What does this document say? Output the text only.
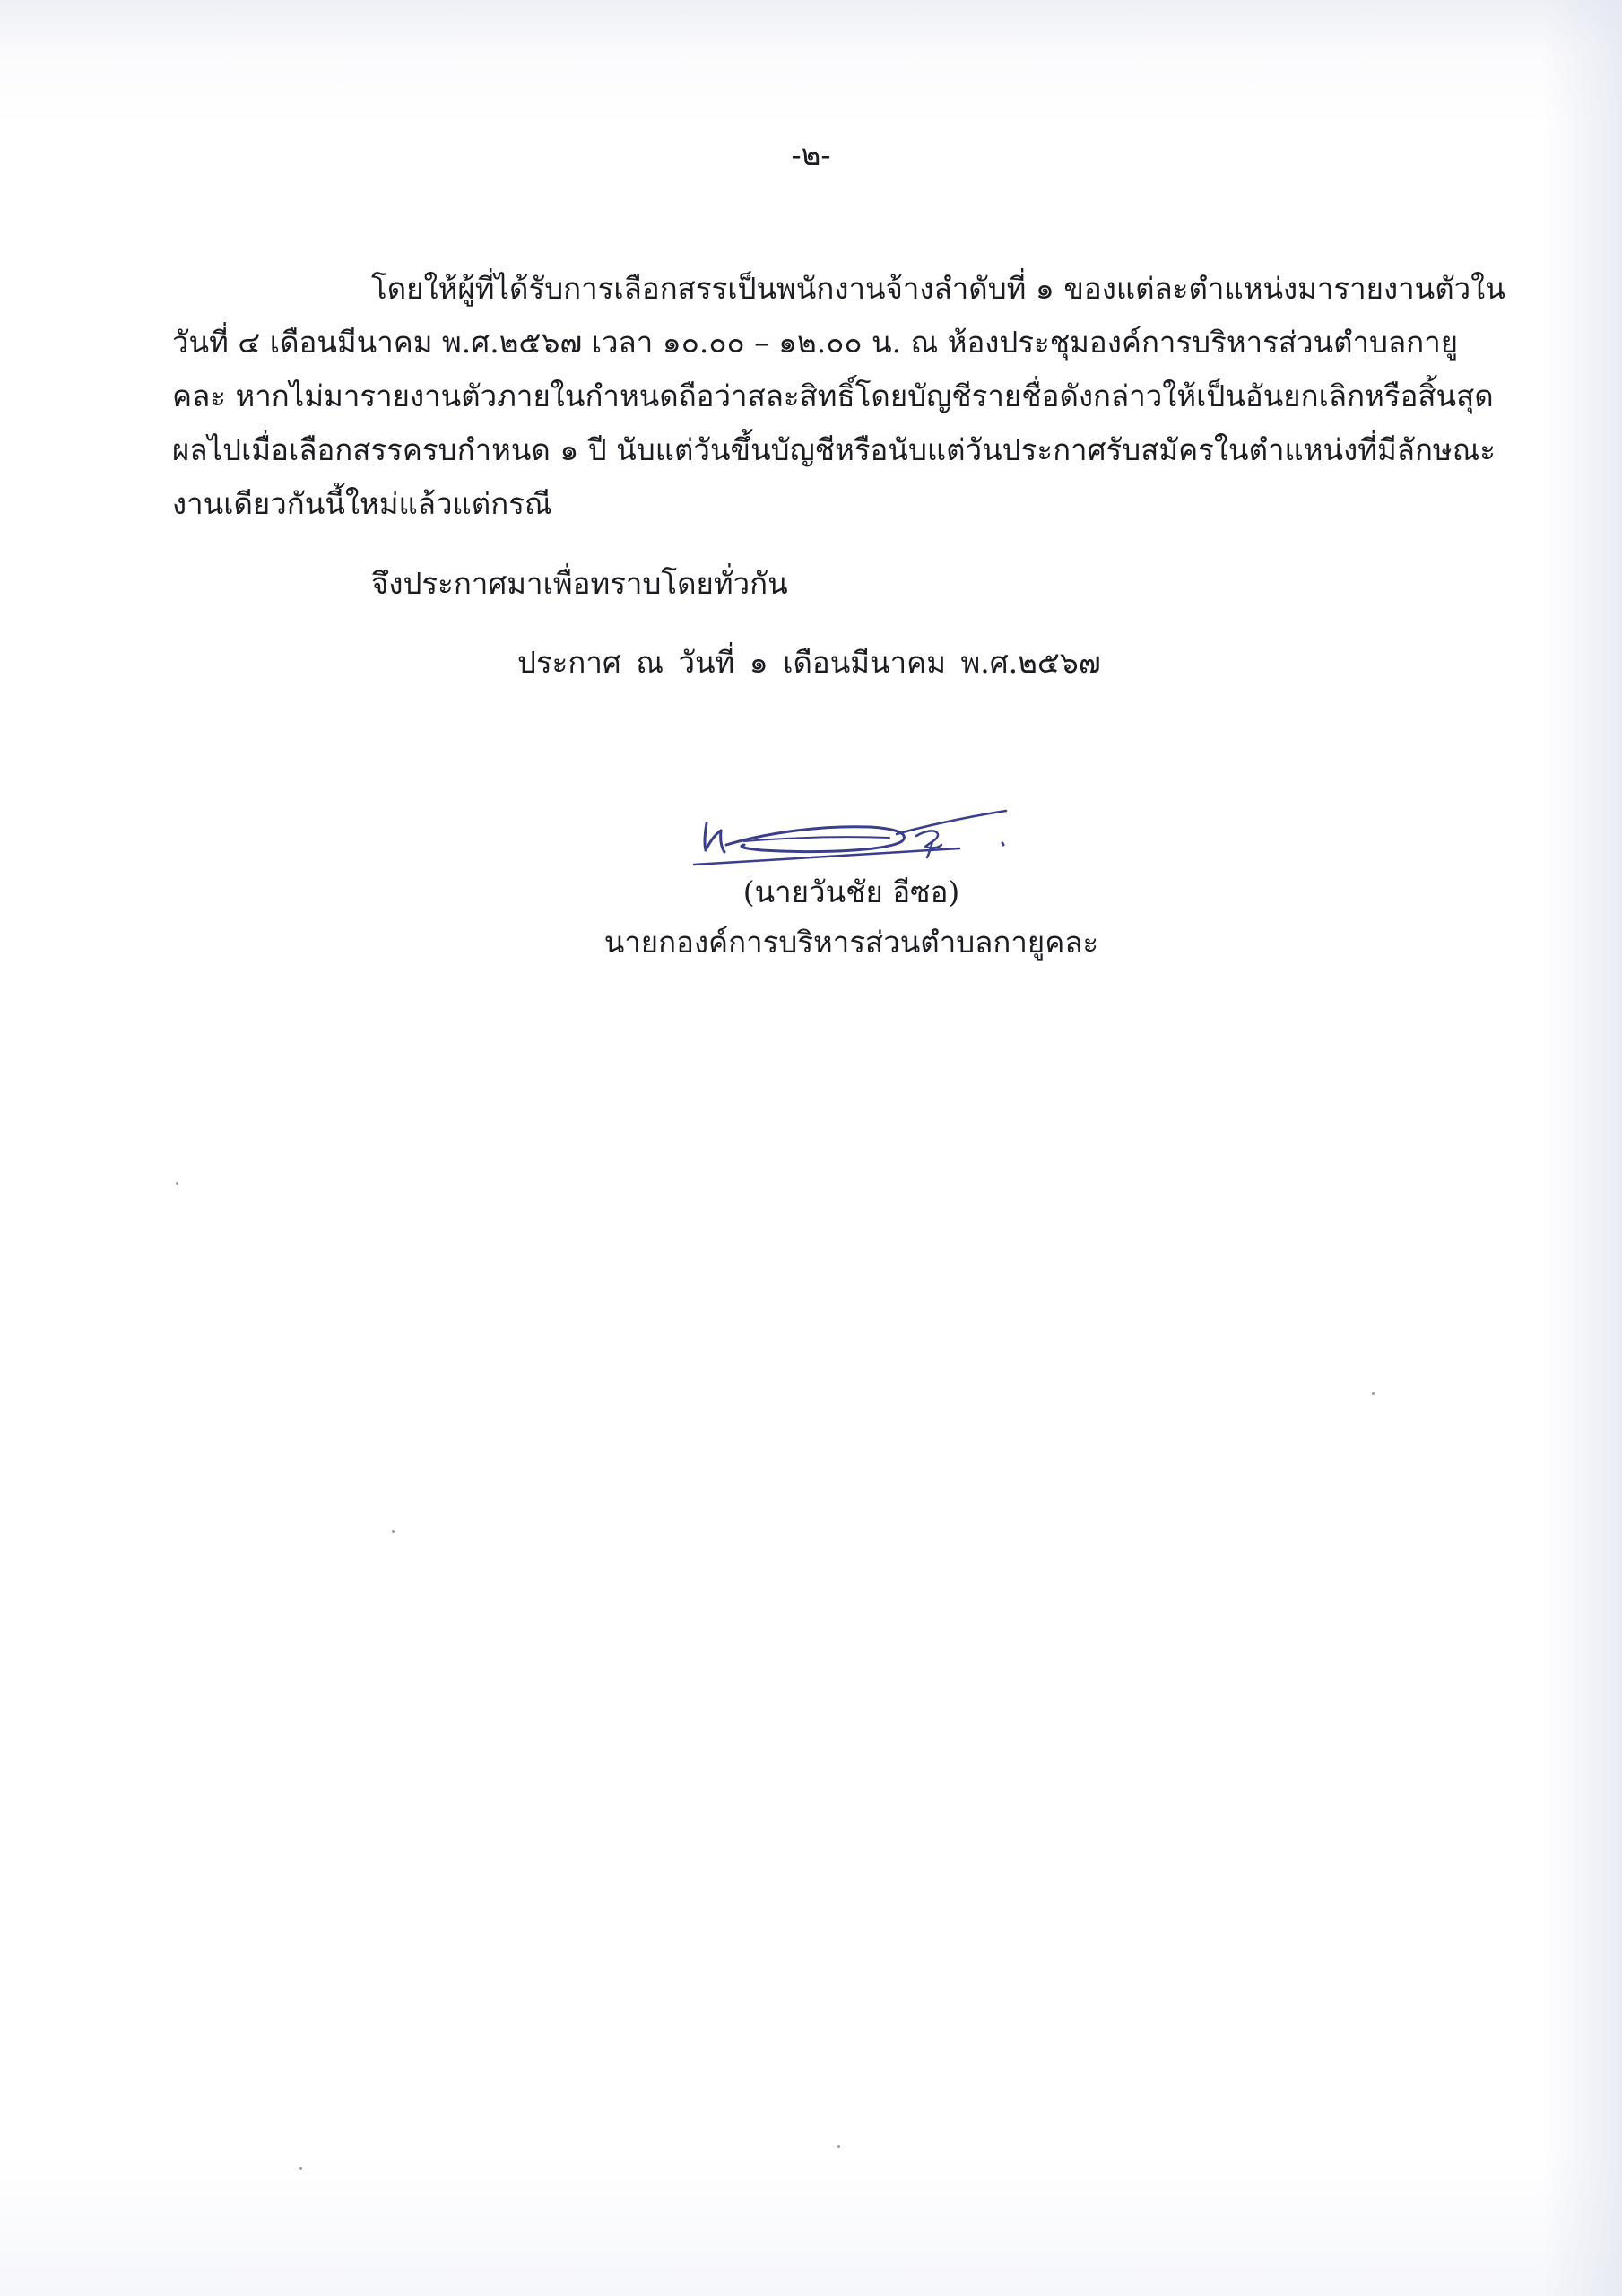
-๒-
โดยให้ผู้ที่ได้รับการเลือกสรรเป็นพนักงานจ้างลำดับที่ ๑ ของแต่ละตำแหน่งมารายงานตัวใน
วันที่ ๔ เดือนมีนาคม พ.ศ.๒๕๖๗ เวลา ๑๐.๐๐ – ๑๒.๐๐ น. ณ ห้องประชุมองค์การบริหารส่วนตำบลกายู
คละ หากไม่มารายงานตัวภายในกำหนดถือว่าสละสิทธิ์โดยบัญชีรายชื่อดังกล่าวให้เป็นอันยกเลิกหรือสิ้นสุด
ผลไปเมื่อเลือกสรรครบกำหนด ๑ ปี นับแต่วันขึ้นบัญชีหรือนับแต่วันประกาศรับสมัครในตำแหน่งที่มีลักษณะ
งานเดียวกันนี้ใหม่แล้วแต่กรณี
จึงประกาศมาเพื่อทราบโดยทั่วกัน
ประกาศ ณ วันที่ ๑ เดือนมีนาคม พ.ศ.๒๕๖๗
(นายวันชัย อีซอ)
นายกองค์การบริหารส่วนตำบลกายูคละ
